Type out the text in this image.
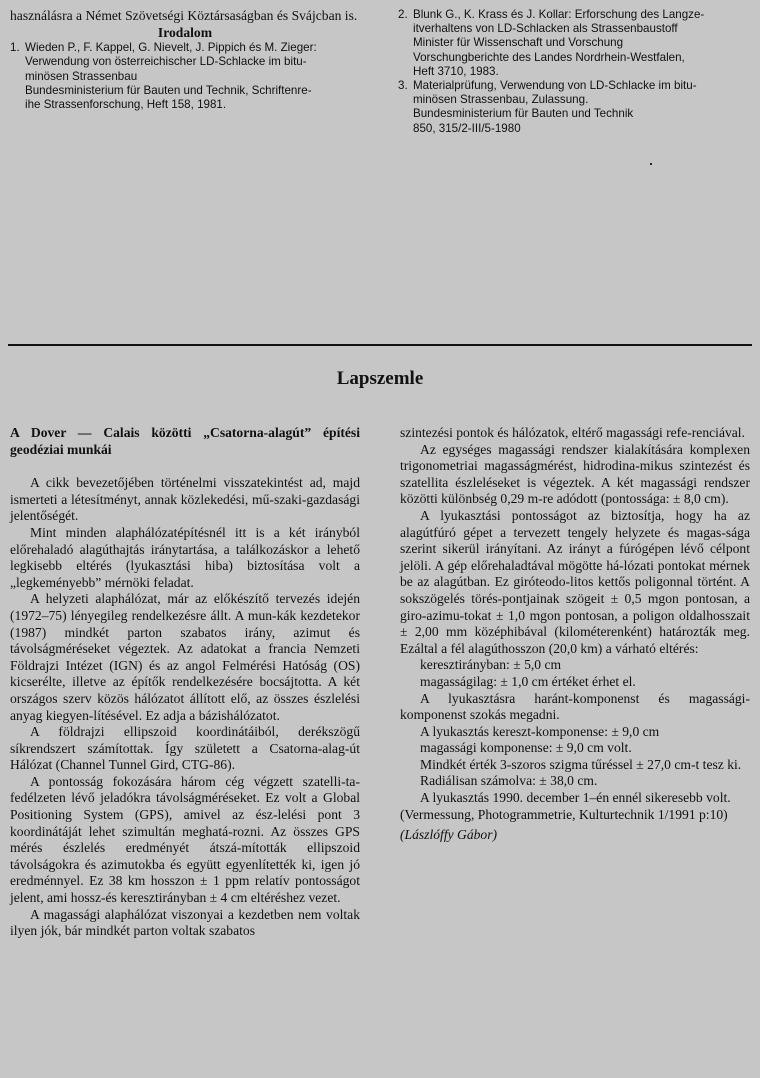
használásra a Német Szövetségi Köztársaságban és Svájcban is.

Irodalom

1. Wieden P., F. Kappel, G. Nievelt, J. Pippich és M. Zieger:
Verwendung von österreichischer LD-Schlacke im bitu-
minösen Strassenbau
Bundesministerium für Bauten und Technik, Schriftenre-
ihe Strassenforschung, Heft 158, 1981.
2. Blunk G., K. Krass és J. Kollar: Erforschung des Langze-
itverhaltens von LD-Schlacken als Strassenbaustoff
Minister für Wissenschaft und Vorschung
Vorschungberichte des Landes Nordrhein-Westfalen,
Heft 3710, 1983.
3. Materialprüfung, Verwendung von LD-Schlacke im bitu-
minösen Strassenbau, Zulassung.
Bundesministerium für Bauten und Technik
850, 315/2-III/5-1980
Lapszemle

A Dover — Calais közötti „Csatorna-alagút” építési geodéziai munkái

A cikk bevezetőjében történelmi visszatekintést ad, majd ismerteti a létesítményt, annak közlekedési, mű-szaki-gazdasági jelentőségét.

Mint minden alaphálózatépítésnél itt is a két irányból előrehaladó alagúthajtás iránytartása, a találkozáskor a lehető legkisebb eltérés (lyukasztási hiba) biztosítása volt a „legkeményebb” mérnöki feladat.

A helyzeti alaphálózat, már az előkészítő tervezés idején (1972–75) lényegileg rendelkezésre állt. A mun-kák kezdetekor (1987) mindkét parton szabatos irány, azimut és távolságméréseket végeztek. Az adatokat a francia Nemzeti Földrajzi Intézet (IGN) és az angol Felmérési Hatóság (OS) kicserélte, illetve az építők rendelkezésére bocsájtotta. A két országos szerv közös hálózatot állított elő, az összes észlelési anyag kiegyen-lítésével. Ez adja a bázishálózatot.

A földrajzi ellipszoid koordinátáiból, derékszögű síkrendszert számítottak. Így született a Csatorna-alag-út Hálózat (Channel Tunnel Gird, CTG-86).

A pontosság fokozására három cég végzett szatelli-ta-fedélzeten lévő jeladókra távolságméréseket. Ez volt a Global Positioning System (GPS), amivel az ész-lelési pont 3 koordinátáját lehet szimultán meghatá-rozni. Az összes GPS mérés észlelés eredményét átszá-mították ellipszoid távolságokra és azimutokba és együtt egyenlítették ki, igen jó eredménnyel. Ez 38 km hosszon ± 1 ppm relatív pontosságot jelent, ami hossz-és keresztirányban ± 4 cm eltéréshez vezet.

A magassági alaphálózat viszonyai a kezdetben nem voltak ilyen jók, bár mindkét parton voltak szabatos

szintezési pontok és hálózatok, eltérő magassági refe-renciával.

Az egységes magassági rendszer kialakítására komplexen trigonometriai magasságmérést, hidrodina-mikus szintezést és szatellita észleléseket is végeztek. A két magassági rendszer közötti különbség 0,29 m-re adódott (pontossága: ± 8,0 cm).

A lyukasztási pontosságot az biztosítja, hogy ha az alagútfúró gépet a tervezett tengely helyzete és magas-sága szerint sikerül irányítani. Az irányt a fúrógépen lévő célpont jelöli. A gép előrehaladtával mögötte há-lózati pontokat mérnek be az alagútban. Ez giróteodo-litos kettős poligonnal történt. A sokszögelés törés-pontjainak szögeit ± 0,5 mgon pontosan, a giro-azimu-tokat ± 1,0 mgon pontosan, a poligon oldalhosszait ± 2,00 mm középhibával (kilométerenként) határozták meg. Ezáltal a fél alagúthosszon (20,0 km) a várható eltérés:

keresztirányban: ± 5,0 cm

magasságilag: ± 1,0 cm értéket érhet el.

A lyukasztásra haránt-komponenst és magassági-komponenst szokás megadni.

A lyukasztás kereszt-komponense: ± 9,0 cm

magassági komponense: ± 9,0 cm volt.

Mindkét érték 3-szoros szigma tűréssel ± 27,0 cm-t tesz ki.

Radiálisan számolva: ± 38,0 cm.

A lyukasztás 1990. december 1–én ennél sikeresebb volt.

(Vermessung, Photogrammetrie, Kulturtechnik 1/1991 p:10)

(Lászlóffy Gábor)
